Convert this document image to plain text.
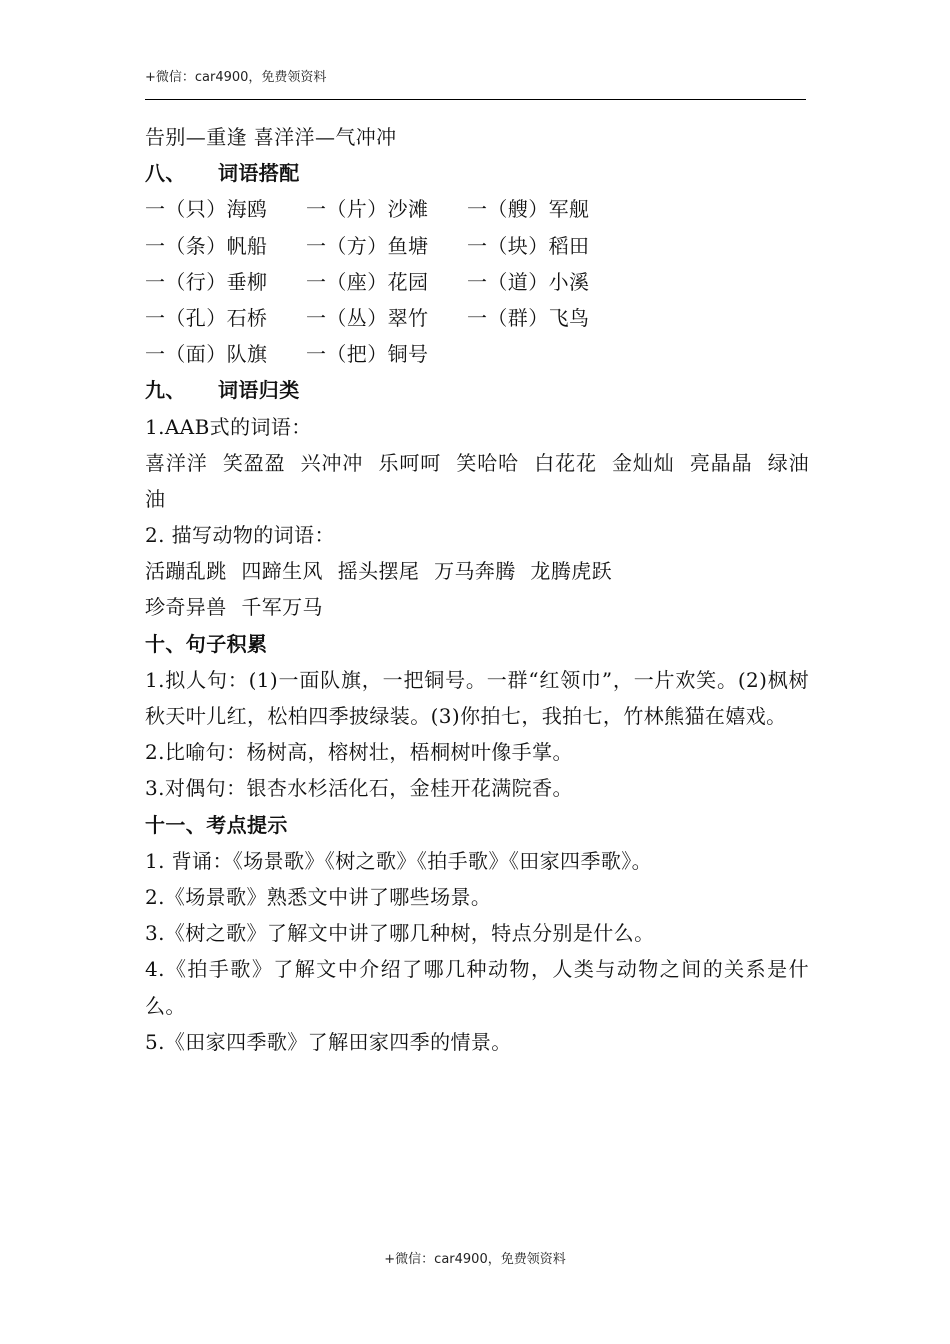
+微信：car4900，免费领资料
告别—重逢 喜洋洋—气冲冲
八、 词语搭配
一（只）海鸥 一（片）沙滩 一（艘）军舰
一（条）帆船 一（方）鱼塘 一（块）稻田
一（行）垂柳 一（座）花园 一（道）小溪
一（孔）石桥 一（丛）翠竹 一（群）飞鸟
一（面）队旗 一（把）铜号
九、 词语归类
1.AAB式的词语：
喜洋洋 笑盈盈 兴冲冲 乐呵呵 笑哈哈 白花花 金灿灿 亮晶晶 绿油油
2. 描写动物的词语：
活蹦乱跳 四蹄生风 摇头摆尾 万马奔腾 龙腾虎跃
珍奇异兽 千军万马
十、句子积累
1.拟人句：(1)一面队旗，一把铜号。一群“红领巾”，一片欢笑。(2)枫树秋天叶儿红，松柏四季披绿装。(3)你拍七，我拍七，竹林熊猫在嬉戏。
2.比喻句：杨树高，榕树壮，梧桐树叶像手掌。
3.对偶句：银杏水杉活化石，金桂开花满院香。
十一、考点提示
1. 背诵：《场景歌》《树之歌》《拍手歌》《田家四季歌》。
2.《场景歌》熟悉文中讲了哪些场景。
3.《树之歌》了解文中讲了哪几种树，特点分别是什么。
4.《拍手歌》了解文中介绍了哪几种动物，人类与动物之间的关系是什么。
5.《田家四季歌》了解田家四季的情景。
+微信：car4900，免费领资料
